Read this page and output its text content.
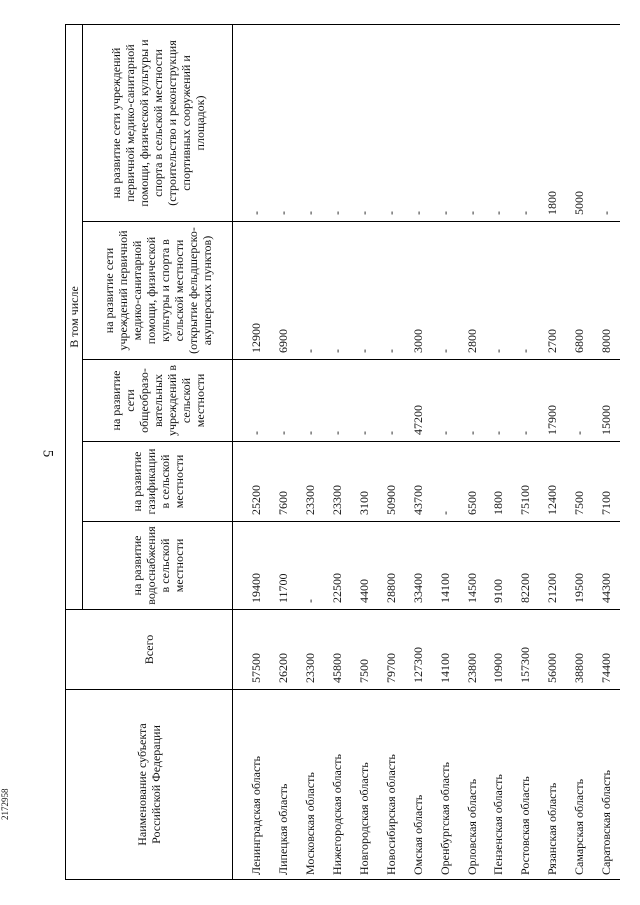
5
2172958	Наименование субъекта Российской Федерации	Всего	В том числе				
		на развитие водоснабжения в сельской местности	на развитие газификации в сельской местности	на развитие сети общеобразо-вательных учреждений в сельской местности	на развитие сети учреждений первичной медико-санитарной помощи, физической культуры и спорта в сельской местности (открытие фельдшерско-акушерских пунктов)	на развитие сети учреждений первичной медико-санитарной помощи, физической культуры и спорта в сельской местности (строительство и реконструкция спортивных сооружений и площадок)
Ленинградская область	57500	19400	25200	-	12900	-
Липецкая область	26200	11700	7600	-	6900	-
Московская область	23300	-	23300	-	-	-
Нижегородская область	45800	22500	23300	-	-	-
Новгородская область	7500	4400	3100	-	-	-
Новосибирская область	79700	28800	50900	-	-	-
Омская область	127300	33400	43700	47200	3000	-
Оренбургская область	14100	14100	-	-	-	-
Орловская область	23800	14500	6500	-	2800	-
Пензенская область	10900	9100	1800	-	-	-
Ростовская область	157300	82200	75100	-	-	-
Рязанская область	56000	21200	12400	17900	2700	1800
Самарская область	38800	19500	7500	-	6800	5000
Саратовская область	74400	44300	7100	15000	8000	-
